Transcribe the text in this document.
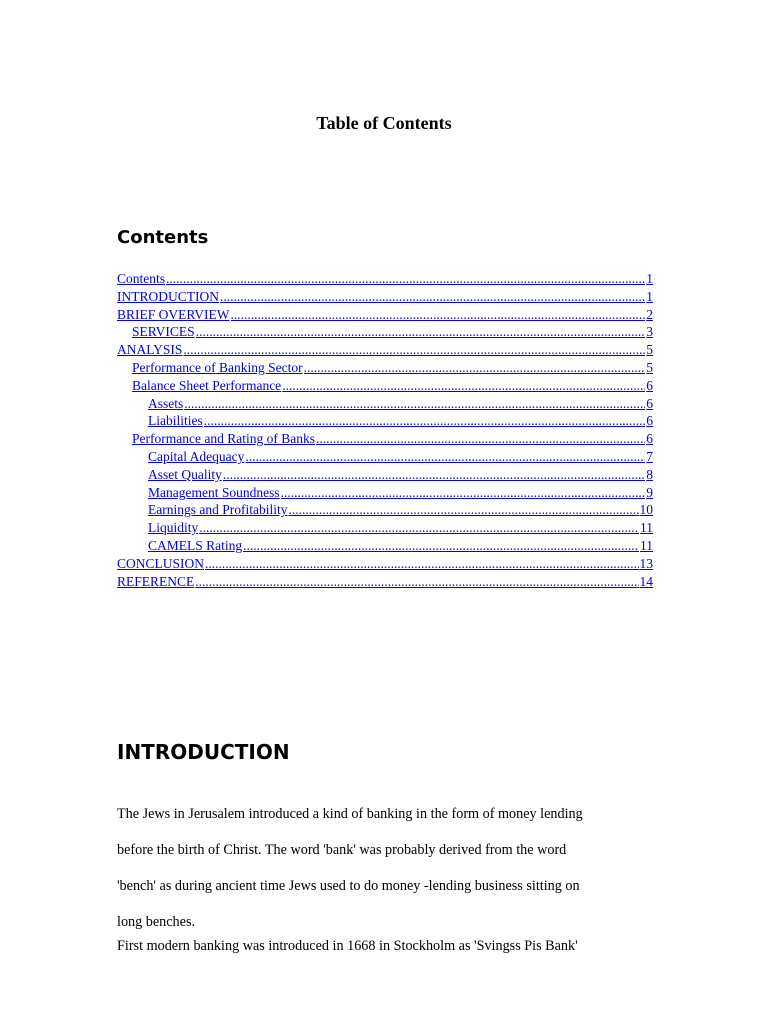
Table of Contents
Contents
Contents .....	1
INTRODUCTION .....	1
BRIEF OVERVIEW .....	2
SERVICES .....	3
ANALYSIS .....	5
Performance of Banking Sector .....	5
Balance Sheet Performance .....	6
Assets .....	6
Liabilities .....	6
Performance and Rating of Banks .....	6
Capital Adequacy .....	7
Asset Quality .....	8
Management Soundness .....	9
Earnings and Profitability .....	10
Liquidity .....	11
CAMELS Rating .....	11
CONCLUSION .....	13
REFERENCE .....	14
INTRODUCTION
The Jews in Jerusalem introduced a kind of banking in the form of money lending
before the birth of Christ. The word 'bank' was probably derived from the word
'bench' as during ancient time Jews used to do money -lending business sitting on
long benches.
First modern banking was introduced in 1668 in Stockholm as 'Svingss Pis Bank'
